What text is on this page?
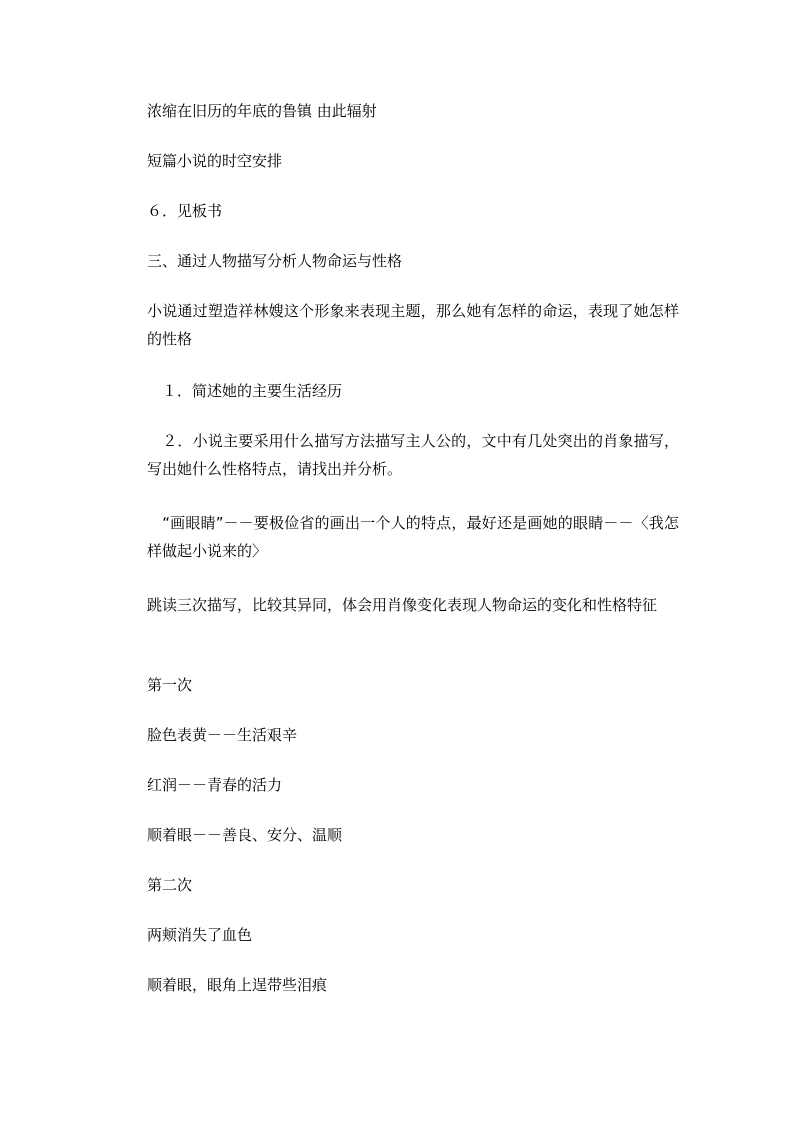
浓缩在旧历的年底的鲁镇 由此辐射

短篇小说的时空安排

６．见板书

三、通过人物描写分析人物命运与性格

小说通过塑造祥林嫂这个形象来表现主题，那么她有怎样的命运，表现了她怎样的性格

　１．简述她的主要生活经历

　２．小说主要采用什么描写方法描写主人公的，文中有几处突出的肖象描写，写出她什么性格特点，请找出并分析。

　“画眼睛”－－要极俭省的画出一个人的特点，最好还是画她的眼睛－－〈我怎样做起小说来的〉

跳读三次描写，比较其异同，体会用肖像变化表现人物命运的变化和性格特征

第一次

脸色表黄－－生活艰辛

红润－－青春的活力

顺着眼－－善良、安分、温顺

第二次

两颊消失了血色

顺着眼，眼角上逞带些泪痕
